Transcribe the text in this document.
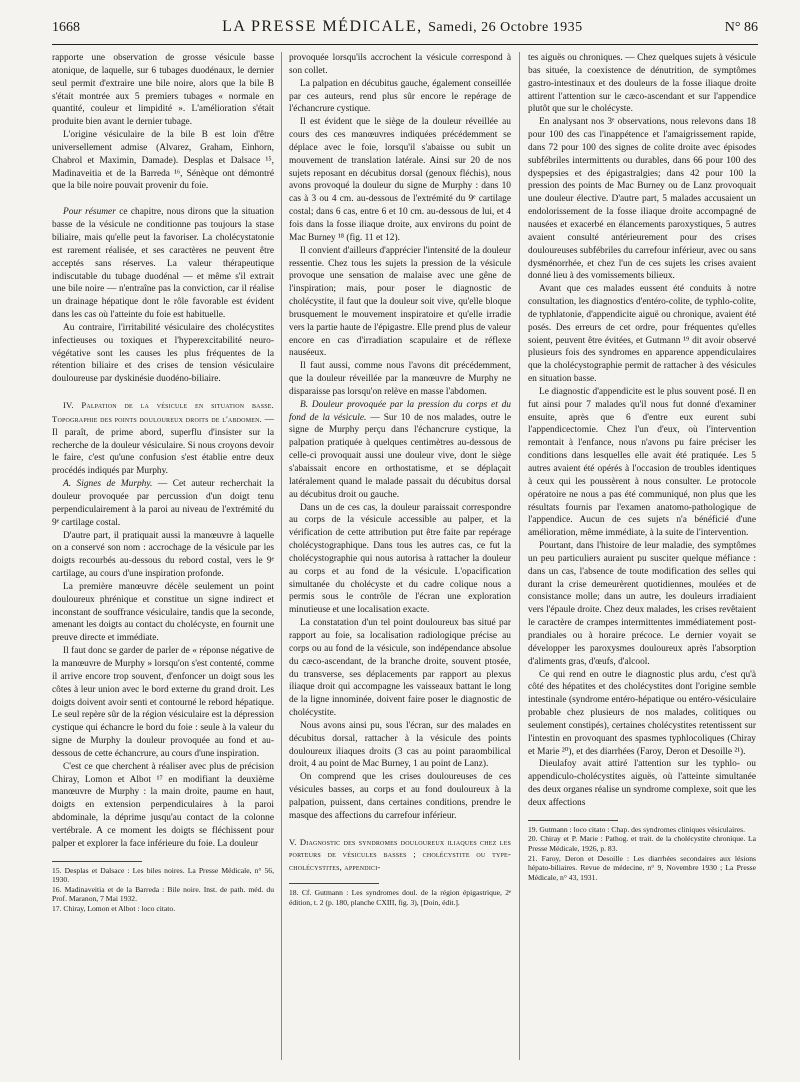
1668	LA PRESSE MÉDICALE, Samedi, 26 Octobre 1935	N° 86

rapporte une observation de grosse vésicule basse atonique, de laquelle, sur 6 tubages duodénaux, le dernier seul permit d'extraire une bile noire, alors que la bile B s'était montrée aux 5 premiers tubages « normale en quantité, couleur et limpidité ». L'amélioration s'était produite bien avant le dernier tubage.

L'origine vésiculaire de la bile B est loin d'être universellement admise (Alvarez, Graham, Einhorn, Chabrol et Maximin, Damade). Desplas et Dalsace ¹⁵, Madinaveitia et de la Barreda ¹⁶, Sénèque ont démontré que la bile noire pouvait provenir du foie.

Pour résumer ce chapitre, nous dirons que la situation basse de la vésicule ne conditionne pas toujours la stase biliaire, mais qu'elle peut la favoriser. La cholécystatonie est rarement réalisée, et ses caractères ne peuvent être acceptés sans réserves. La valeur thérapeutique indiscutable du tubage duodénal — et même s'il extrait une bile noire — n'entraîne pas la conviction, car il réalise un drainage hépatique dont le rôle favorable est évident dans les cas où l'atteinte du foie est habituelle.

Au contraire, l'irritabilité vésiculaire des cholécystites infectieuses ou toxiques et l'hyperexcitabilité neuro-végétative sont les causes les plus fréquentes de la rétention biliaire et des crises de tension vésiculaire douloureuse par dyskinésie duodéno-biliaire.

IV. Palpation de la vésicule en situation basse. Topographie des points douloureux droits de l'abdomen. — Il paraît, de prime abord, superflu d'insister sur la recherche de la douleur vésiculaire. Si nous croyons devoir le faire, c'est qu'une confusion s'est établie entre deux procédés indiqués par Murphy.

A. Signes de Murphy. — Cet auteur recherchait la douleur provoquée par percussion d'un doigt tenu perpendiculairement à la paroi au niveau de l'extrémité du 9ᵉ cartilage costal.

D'autre part, il pratiquait aussi la manœuvre à laquelle on a conservé son nom : accrochage de la vésicule par les doigts recourbés au-dessous du rebord costal, vers le 9ᵉ cartilage, au cours d'une inspiration profonde.

La première manœuvre décèle seulement un point douloureux phrénique et constitue un signe indirect et inconstant de souffrance vésiculaire, tandis que la seconde, amenant les doigts au contact du cholécyste, en fournit une preuve directe et immédiate.

Il faut donc se garder de parler de « réponse négative de la manœuvre de Murphy » lorsqu'on s'est contenté, comme il arrive encore trop souvent, d'enfoncer un doigt sous les côtes à leur union avec le bord externe du grand droit. Les doigts doivent avoir senti et contourné le rebord hépatique. Le seul repère sûr de la région vésiculaire est la dépression cystique qui échancre le bord du foie : seule à la valeur du signe de Murphy la douleur provoquée au fond et au-dessous de cette échancrure, au cours d'une inspiration.

C'est ce que cherchent à réaliser avec plus de précision Chiray, Lomon et Albot ¹⁷ en modifiant la deuxième manœuvre de Murphy : la main droite, paume en haut, doigts en extension perpendiculaires à la paroi abdominale, la déprime jusqu'au contact de la colonne vertébrale. A ce moment les doigts se fléchissent pour palper et explorer la face inférieure du foie. La douleur

15. Desplas et Dalsace : Les biles noires. La Presse Médicale, n° 56, 1930.

16. Madinaveitia et de la Barreda : Bile noire. Inst. de path. méd. du Prof. Maranon, 7 Mai 1932.

17. Chiray, Lomon et Albot : loco citato.

provoquée lorsqu'ils accrochent la vésicule correspond à son collet.

La palpation en décubitus gauche, également conseillée par ces auteurs, rend plus sûr encore le repérage de l'échancrure cystique.

Il est évident que le siège de la douleur réveillée au cours des ces manœuvres indiquées précédemment se déplace avec le foie, lorsqu'il s'abaisse ou subit un mouvement de translation latérale. Ainsi sur 20 de nos sujets reposant en décubitus dorsal (genoux fléchis), nous avons provoqué la douleur du signe de Murphy : dans 10 cas à 3 ou 4 cm. au-dessous de l'extrémité du 9ᵉ cartilage costal; dans 6 cas, entre 6 et 10 cm. au-dessous de lui, et 4 fois dans la fosse iliaque droite, aux environs du point de Mac Burney ¹⁸ (fig. 11 et 12).

Il convient d'ailleurs d'apprécier l'intensité de la douleur ressentie. Chez tous les sujets la pression de la vésicule provoque une sensation de malaise avec une gêne de l'inspiration; mais, pour poser le diagnostic de cholécystite, il faut que la douleur soit vive, qu'elle bloque brusquement le mouvement inspiratoire et qu'elle irradie vers la partie haute de l'épigastre. Elle prend plus de valeur encore en cas d'irradiation scapulaire et de réflexe nauséeux.

Il faut aussi, comme nous l'avons dit précédemment, que la douleur réveillée par la manœuvre de Murphy ne disparaisse pas lorsqu'on relève en masse l'abdomen.

B. Douleur provoquée par la pression du corps et du fond de la vésicule. — Sur 10 de nos malades, outre le signe de Murphy perçu dans l'échancrure cystique, la palpation pratiquée à quelques centimètres au-dessous de celle-ci provoquait aussi une douleur vive, dont le siège s'abaissait encore en orthostatisme, et se déplaçait latéralement quand le malade passait du décubitus dorsal au décubitus droit ou gauche.

Dans un de ces cas, la douleur paraissait correspondre au corps de la vésicule accessible au palper, et la vérification de cette attribution put être faite par repérage cholécystographique. Dans tous les autres cas, ce fut la cholécystographie qui nous autorisa à rattacher la douleur au corps et au fond de la vésicule. L'opacification simultanée du cholécyste et du cadre colique nous a permis sous le contrôle de l'écran une exploration minutieuse et une localisation exacte.

La constatation d'un tel point douloureux bas situé par rapport au foie, sa localisation radiologique précise au corps ou au fond de la vésicule, son indépendance absolue du cæco-ascendant, de la branche droite, souvent ptosée, du transverse, ses déplacements par rapport au plexus iliaque droit qui accompagne les vaisseaux battant le long de la ligne innominée, doivent faire poser le diagnostic de cholécystite.

Nous avons ainsi pu, sous l'écran, sur des malades en décubitus dorsal, rattacher à la vésicule des points douloureux iliaques droits (3 cas au point paraombilical droit, 4 au point de Mac Burney, 1 au point de Lanz).

On comprend que les crises douloureuses de ces vésicules basses, au corps et au fond douloureux à la palpation, puissent, dans certaines conditions, prendre le masque des affections du carrefour inférieur.

V. Diagnostic des syndromes douloureux iliaques chez les porteurs de vésicules basses ; cholécystite ou type-cholécystites, appendici-

18. Cf. Gutmann : Les syndromes doul. de la région épigastrique, 2ᵉ édition, t. 2 (p. 180, planche CXIII, fig. 3), [Doin, édit.].

tes aiguës ou chroniques. — Chez quelques sujets à vésicule bas située, la coexistence de dénutrition, de symptômes gastro-intestinaux et des douleurs de la fosse iliaque droite attirent l'attention sur le cæco-ascendant et sur l'appendice plutôt que sur le cholécyste.

En analysant nos 3ᵉ observations, nous relevons dans 18 pour 100 des cas l'inappétence et l'amaigrissement rapide, dans 72 pour 100 des signes de colite droite avec épisodes subfébriles intermittents ou durables, dans 66 pour 100 des dyspepsies et des épigastralgies; dans 42 pour 100 la pression des points de Mac Burney ou de Lanz provoquait une douleur élective. D'autre part, 5 malades accusaient un endolorissement de la fosse iliaque droite accompagné de nausées et exacerbé en élancements paroxystiques, 5 autres avaient consulté antérieurement pour des crises douloureuses subfébriles du carrefour inférieur, avec ou sans dysménorrhée, et chez l'un de ces sujets les crises avaient donné lieu à des vomissements bilieux.

Avant que ces malades eussent été conduits à notre consultation, les diagnostics d'entéro-colite, de typhlo-colite, de typhlatonie, d'appendicite aiguë ou chronique, avaient été posés. Des erreurs de cet ordre, pour fréquentes qu'elles soient, peuvent être évitées, et Gutmann ¹⁹ dit avoir observé plusieurs fois des syndromes en apparence appendiculaires que la cholécystographie permit de rattacher à des vésicules en situation basse.

Le diagnostic d'appendicite est le plus souvent posé. Il en fut ainsi pour 7 malades qu'il nous fut donné d'examiner ensuite, après que 6 d'entre eux eurent subi l'appendicectomie. Chez l'un d'eux, où l'intervention remontait à l'enfance, nous n'avons pu faire préciser les conditions dans lesquelles elle avait été pratiquée. Les 5 autres avaient été opérés à l'occasion de troubles identiques à ceux qui les poussèrent à nous consulter. Le protocole opératoire ne nous a pas été communiqué, non plus que les résultats fournis par l'examen anatomo-pathologique de l'appendice. Aucun de ces sujets n'a bénéficié d'une amélioration, même immédiate, à la suite de l'intervention.

Pourtant, dans l'histoire de leur maladie, des symptômes un peu particuliers auraient pu susciter quelque méfiance : dans un cas, l'absence de toute modification des selles qui durant la crise demeurèrent quotidiennes, moulées et de consistance molle; dans un autre, les douleurs irradiaient vers l'épaule droite. Chez deux malades, les crises revêtaient le caractère de crampes intermittentes immédiatement post-prandiales ou à horaire précoce. Le dernier voyait se développer les paroxysmes douloureux après l'absorption d'aliments gras, d'œufs, d'alcool.

Ce qui rend en outre le diagnostic plus ardu, c'est qu'à côté des hépatites et des cholécystites dont l'origine semble intestinale (syndrome entéro-hépatique ou entéro-vésiculaire probable chez plusieurs de nos malades, colitiques ou seulement constipés), certaines cholécystites retentissent sur l'intestin en provoquant des spasmes typhlocoliques (Chiray et Marie ²⁰), et des diarrhées (Faroy, Deron et Desoille ²¹).

Dieulafoy avait attiré l'attention sur les typhlo- ou appendiculo-cholécystites aiguës, où l'atteinte simultanée des deux organes réalise un syndrome complexe, soit que les deux affections

19. Gutmann : loco citato : Chap. des syndromes cliniques vésiculaires.

20. Chiray et P. Marie : Pathog. et trait. de la cholécystite chronique. La Presse Médicale, 1926, p. 83.

21. Faroy, Deron et Desoille : Les diarrhées secondaires aux lésions hépato-biliaires. Revue de médecine, n° 9, Novembre 1930 ; La Presse Médicale, n° 43, 1931.
